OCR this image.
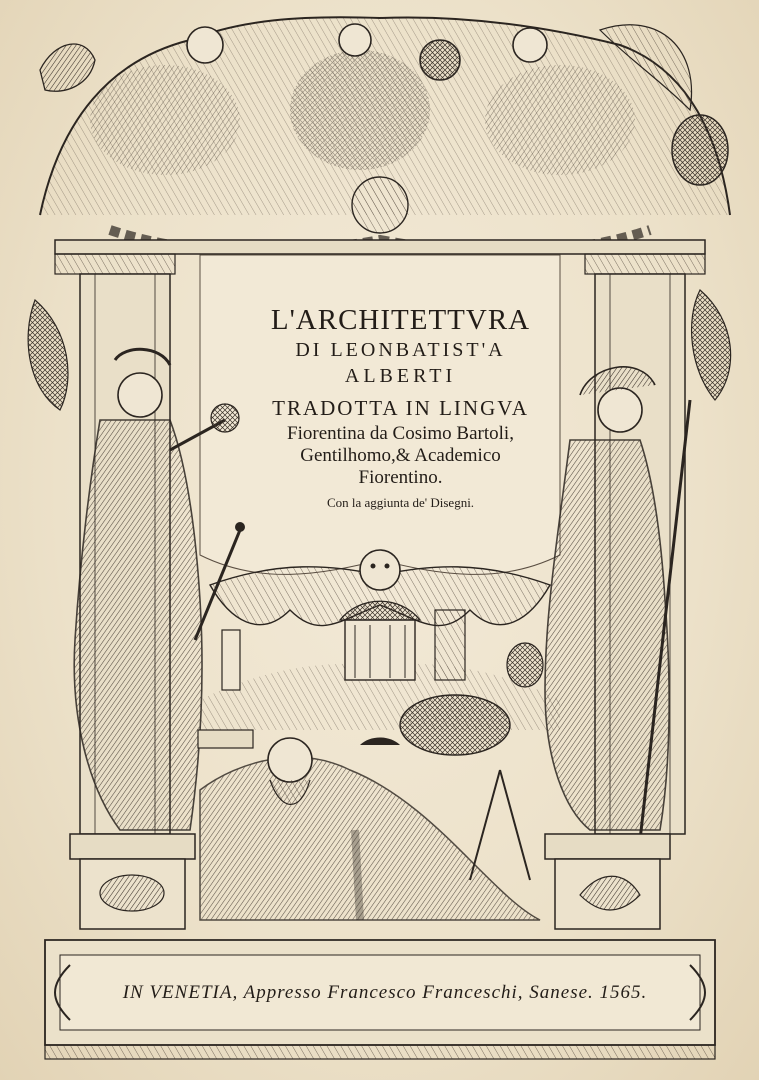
L'ARCHITETTVRA
DI LEONBATIST'A
ALBERTI
TRADOTTA IN LINGVA
Fiorentina da Cosimo Bartoli,
Gentilhomo,& Academico
Fiorentino.
Con la aggiunta de' Disegni.
IN VENETIA, Appresso Francesco Franceschi, Sanese. 1565.
